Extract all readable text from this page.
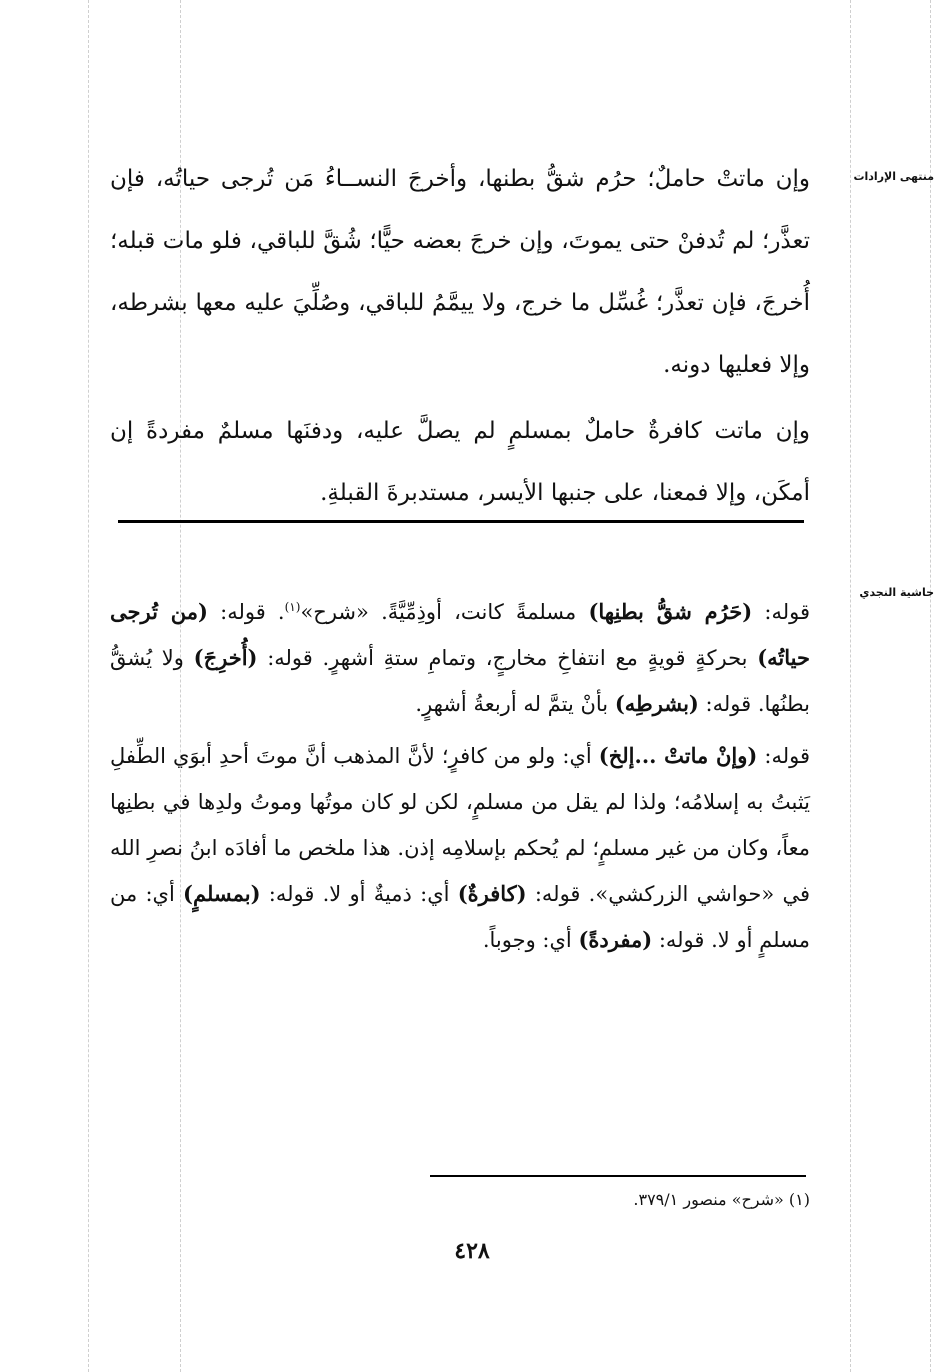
منتهى الإرادات
حاشية النجدي

وإن ماتتْ حاملٌ؛ حرُم شقُّ بطنها، وأخرجَ النســاءُ مَن تُرجى حياتُه، فإن تعذَّر؛ لم تُدفنْ حتى يموتَ، وإن خرجَ بعضه حيًّا؛ شُقَّ للباقي، فلو مات قبله؛ أُخرجَ، فإن تعذَّر؛ غُسِّل ما خرج، ولا ييمَّمُ للباقي، وصُلِّيَ عليه معها بشرطه، وإلا فعليها دونه.

وإن ماتت كافرةٌ حاملٌ بمسلمٍ لم يصلَّ عليه، ودفنَها مسلمٌ مفردةً إن أمكَن، وإلا فمعنا، على جنبها الأيسر، مستدبرةَ القبلةِ.

قوله: (حَرُم شقُّ بطنِها) مسلمةً كانت، أوذِمِّيَّةً. «شرح»$^{(١)}$. قوله: (من تُرجى حياتُه) بحركةٍ قويةٍ مع انتفاخِ مخارجٍ، وتمامِ ستةِ أشهرٍ. قوله: (أُخرِجَ) ولا يُشقُّ بطنُها. قوله: (بشرطِه) بأنْ يتمَّ له أربعةُ أشهرٍ.

قوله: (وإنْ ماتتْ ...إلخ) أي: ولو من كافرٍ؛ لأنَّ المذهب أنَّ موتَ أحدِ أبوَي الطِّفلِ يَثبتُ به إسلامُه؛ ولذا لم يقل من مسلمٍ، لكن لو كان موتُها وموتُ ولدِها في بطنِها معاً، وكان من غير مسلمٍ؛ لم يُحكم بإسلامِه إذن. هذا ملخص ما أفادَه ابنُ نصرِ الله في «حواشي الزركشي». قوله: (كافرةٌ) أي: ذميةٌ أو لا. قوله: (بمسلمٍ) أي: من مسلمٍ أو لا. قوله: (مفردةً) أي: وجوباً.

(١) «شرح» منصور ٣٧٩/١.
٤٢٨
